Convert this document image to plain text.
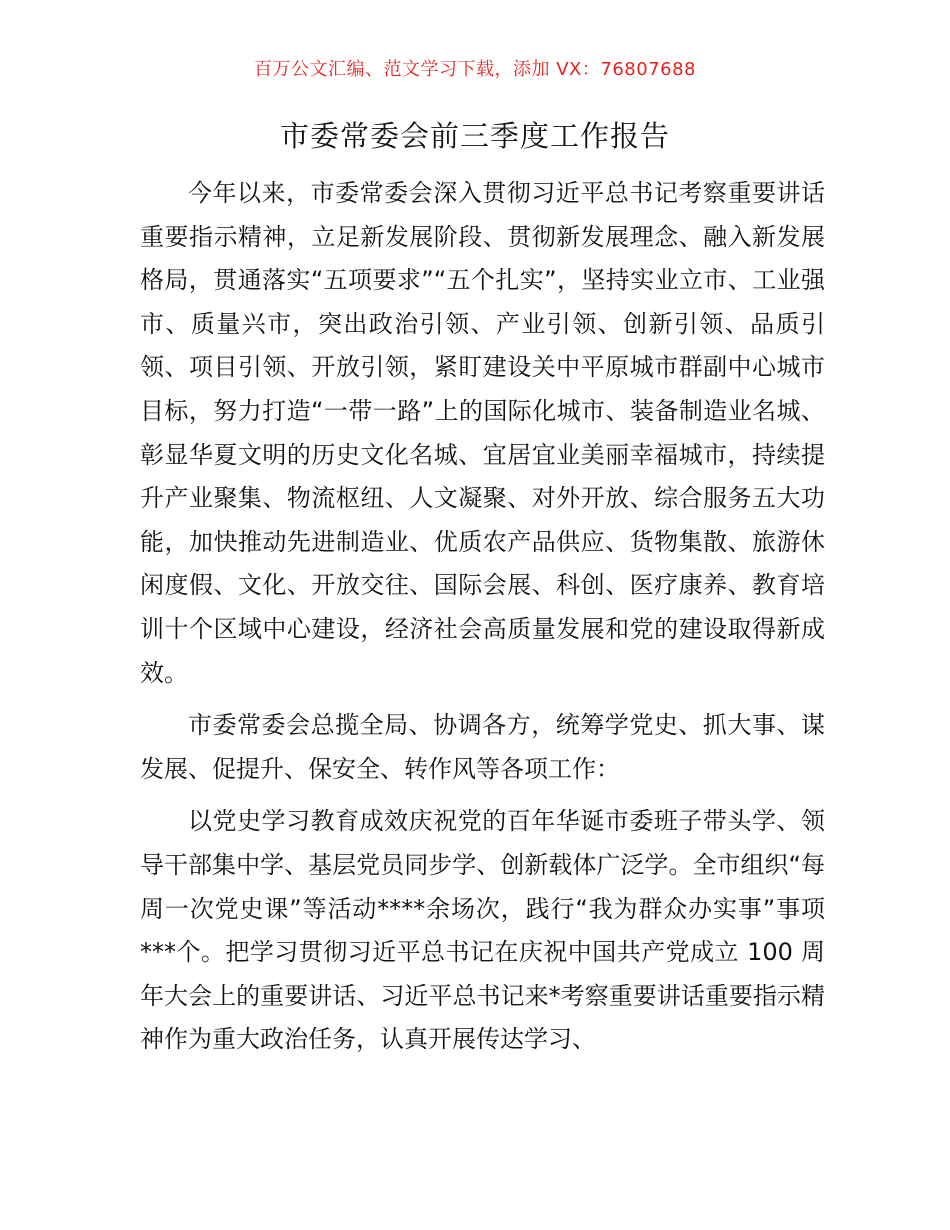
百万公文汇编、范文学习下载，添加 VX：76807688
市委常委会前三季度工作报告

今年以来，市委常委会深入贯彻习近平总书记考察重要讲话重要指示精神，立足新发展阶段、贯彻新发展理念、融入新发展格局，贯通落实“五项要求”“五个扎实”，坚持实业立市、工业强市、质量兴市，突出政治引领、产业引领、创新引领、品质引领、项目引领、开放引领，紧盯建设关中平原城市群副中心城市目标，努力打造“一带一路”上的国际化城市、装备制造业名城、彰显华夏文明的历史文化名城、宜居宜业美丽幸福城市，持续提升产业聚集、物流枢纽、人文凝聚、对外开放、综合服务五大功能，加快推动先进制造业、优质农产品供应、货物集散、旅游休闲度假、文化、开放交往、国际会展、科创、医疗康养、教育培训十个区域中心建设，经济社会高质量发展和党的建设取得新成效。

市委常委会总揽全局、协调各方，统筹学党史、抓大事、谋发展、促提升、保安全、转作风等各项工作：

以党史学习教育成效庆祝党的百年华诞市委班子带头学、领导干部集中学、基层党员同步学、创新载体广泛学。全市组织“每周一次党史课”等活动****余场次，践行“我为群众办实事”事项***个。把学习贯彻习近平总书记在庆祝中国共产党成立 100 周年大会上的重要讲话、习近平总书记来*考察重要讲话重要指示精神作为重大政治任务，认真开展传达学习、
